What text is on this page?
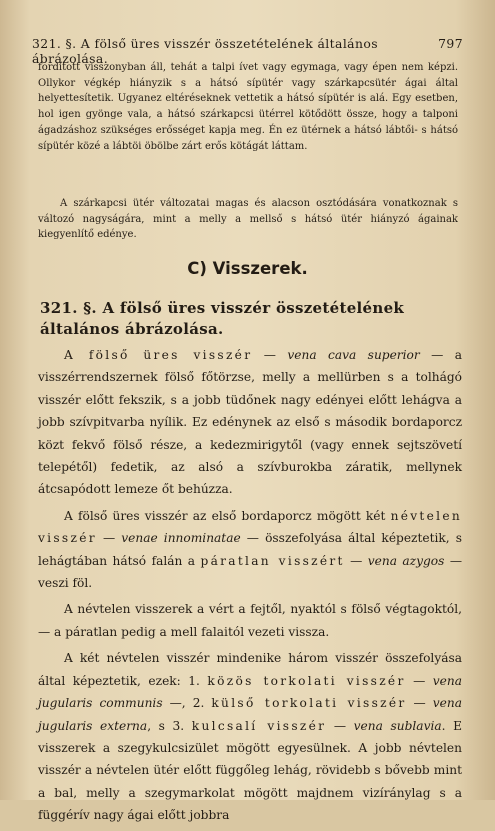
321. §. A fölső üres visszér összetételének általános ábrázolása.
797

fordított visszonyban áll, tehát a talpi ívet vagy egymaga, vagy épen nem képzi. Ollykor végkép hiányzik s a hátsó sípütér vagy szárkapcsütér ágai által helyettesítetik. Ugyanez eltéréseknek vettetik a hátsó sípütér is alá. Egy esetben, hol igen gyönge vala, a hátsó szárkapcsi ütérrel kötődött össze, hogy a talponi ágadzáshoz szükséges erősséget kapja meg. Én ez ütérnek a hátsó lábtői- s hátsó sípütér közé a lábtöi öbölbe zárt erős kötágát láttam.

A szárkapcsi ütér változatai magas és alacson osztódására vonatkoznak s változó nagyságára, mint a melly a mellső s hátsó ütér hiányzó ágainak kiegyenlítő edénye.

C) Visszerek.
321. §. A fölső üres visszér összetételének általános ábrázolása.

A fölső üres visszér — vena cava superior — a visszérrendszernek fölső főtörzse, melly a mellürben s a tolhágó visszér előtt fekszik, s a jobb tüdőnek nagy edényei előtt lehágva a jobb szívpitvarba nyílik. Ez edénynek az első s második bordaporcz közt fekvő fölső része, a kedezmirigytől (vagy ennek sejtszövetí telepétől) fedetik, az alsó a szívburokba záratik, mellynek átcsapódott lemeze őt behúzza.

A fölső üres visszér az első bordaporcz mögött két névtelen visszér — venae innominatae — összefolyása által képeztetik, s lehágtában hátsó falán a páratlan visszért — vena azygos — veszi föl.

A névtelen visszerek a vért a fejtől, nyaktól s fölső végtagoktól, — a páratlan pedig a mell falaitól vezeti vissza.

A két névtelen visszér mindenike három visszér összefolyása által képeztetik, ezek: 1. közös torkolati visszér — vena jugularis communis —, 2. külső torkolati visszér — vena jugularis externa, s 3. kulcsalí visszér — vena sublavia. E visszerek a szegykulcsizület mögött egyesülnek. A jobb névtelen visszér a névtelen ütér előtt függőleg lehág, rövidebb s bővebb mint a bal, melly a szegymarkolat mögött majdnem vizíránylag s a függérív nagy ágai előtt jobbra
